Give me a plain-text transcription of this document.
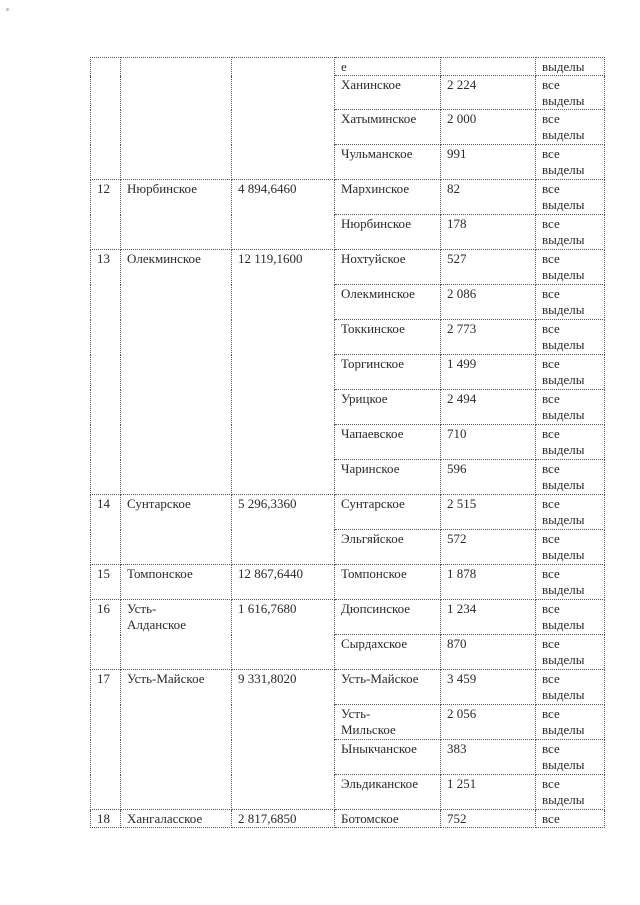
			е		выделы

			Ханинское	2 224	все
выделы

			Хатыминское	2 000	все
выделы

			Чульманское	991	все
выделы

12	Нюрбинское	4 894,6460	Мархинское	82	все
выделы

			Нюрбинское	178	все
выделы

13	Олекминское	12 119,1600	Нохтуйское	527	все
выделы

			Олекминское	2 086	все
выделы

			Токкинское	2 773	все
выделы

			Торгинское	1 499	все
выделы

			Урицкое	2 494	все
выделы

			Чапаевское	710	все
выделы

			Чаринское	596	все
выделы

14	Сунтарское	5 296,3360	Сунтарское	2 515	все
выделы

			Эльгяйское	572	все
выделы

15	Томпонское	12 867,6440	Томпонское	1 878	все
выделы

16	Усть-
Алданское	1 616,7680	Дюпсинское	1 234	все
выделы

			Сырдахское	870	все
выделы

17	Усть-Майское	9 331,8020	Усть-Майское	3 459	все
выделы

			Усть-
Мильское	2 056	все
выделы

			Ыныкчанское	383	все
выделы

			Эльдиканское	1 251	все
выделы

18	Хангаласское	2 817,6850	Ботомское	752	все
